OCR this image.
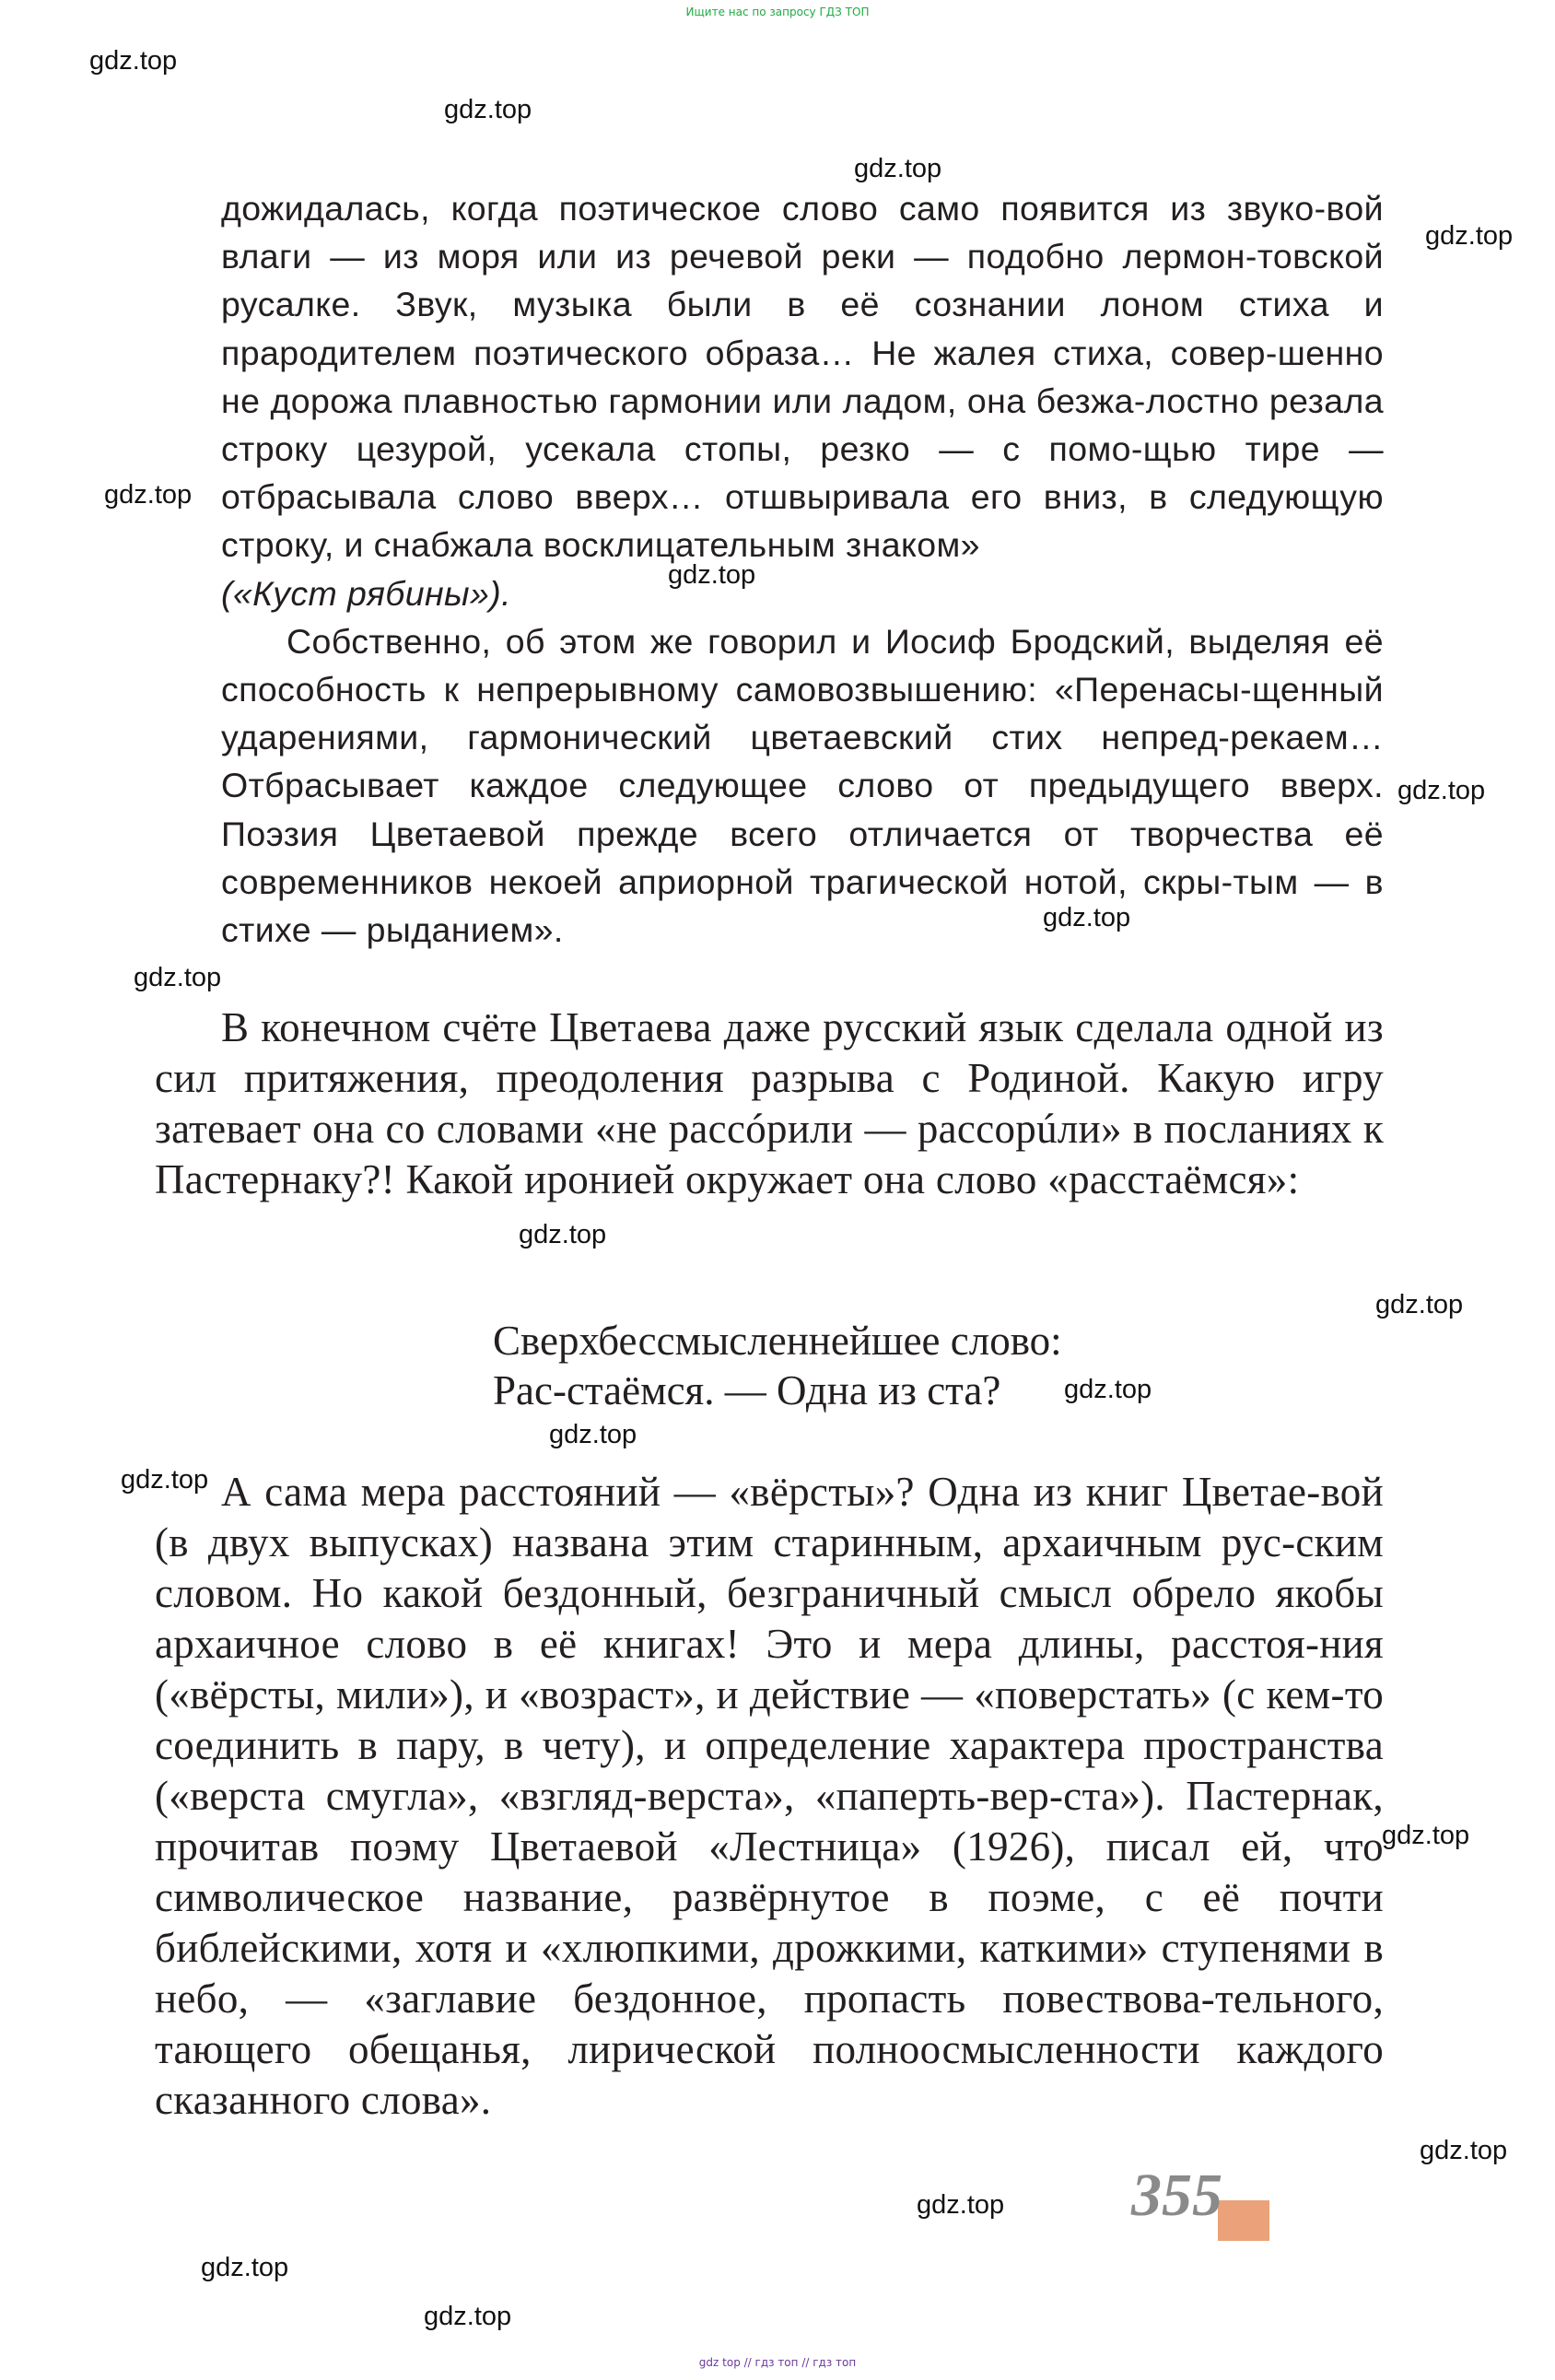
Ищите нас по запросу ГДЗ ТОП
gdz.top
gdz.top
gdz.top
gdz.top
gdz.top
gdz.top
gdz.top
gdz.top
gdz.top
gdz.top
gdz.top
gdz.top
gdz.top
gdz.top
gdz.top
gdz.top
gdz.top
gdz.top
gdz.top

дожидалась, когда поэтическое слово само появится из звуко-вой влаги — из моря или из речевой реки — подобно лермон-товской русалке. Звук, музыка были в её сознании лоном стиха и прародителем поэтического образа… Не жалея стиха, совер-шенно не дорожа плавностью гармонии или ладом, она безжа-лостно резала строку цезурой, усекала стопы, резко — с помо-щью тире — отбрасывала слово вверх… отшвыривала его вниз, в следующую строку, и снабжала восклицательным знаком»
(«Куст рябины»).

Собственно, об этом же говорил и Иосиф Бродский, выделяя её способность к непрерывному самовозвышению: «Перенасы-щенный ударениями, гармонический цветаевский стих непред-рекаем… Отбрасывает каждое следующее слово от предыдущего вверх. Поэзия Цветаевой прежде всего отличается от творчества её современников некоей априорной трагической нотой, скры-тым — в стихе — рыданием».

В конечном счёте Цветаева даже русский язык сделала одной из сил притяжения, преодоления разрыва с Родиной. Какую игру затевает она со словами «не рассóрили — рассорúли» в посланиях к Пастернаку?! Какой иронией окружает она слово «расстаёмся»:

Сверхбессмысленнейшее слово:
Рас-стаёмся. — Одна из ста?

А сама мера расстояний — «вёрсты»? Одна из книг Цветае-вой (в двух выпусках) названа этим старинным, архаичным рус-ским словом. Но какой бездонный, безграничный смысл обрело якобы архаичное слово в её книгах! Это и мера длины, расстоя-ния («вёрсты, мили»), и «возраст», и действие — «поверстать» (с кем-то соединить в пару, в чету), и определение характера пространства («верста смугла», «взгляд-верста», «паперть-вер-ста»). Пастернак, прочитав поэму Цветаевой «Лестница» (1926), писал ей, что символическое название, развёрнутое в поэме, с её почти библейскими, хотя и «хлюпкими, дрожкими, каткими» ступенями в небо, — «заглавие бездонное, пропасть повествова-тельного, тающего обещанья, лирической полноосмысленности каждого сказанного слова».

355
gdz top // гдз топ // гдз топ
